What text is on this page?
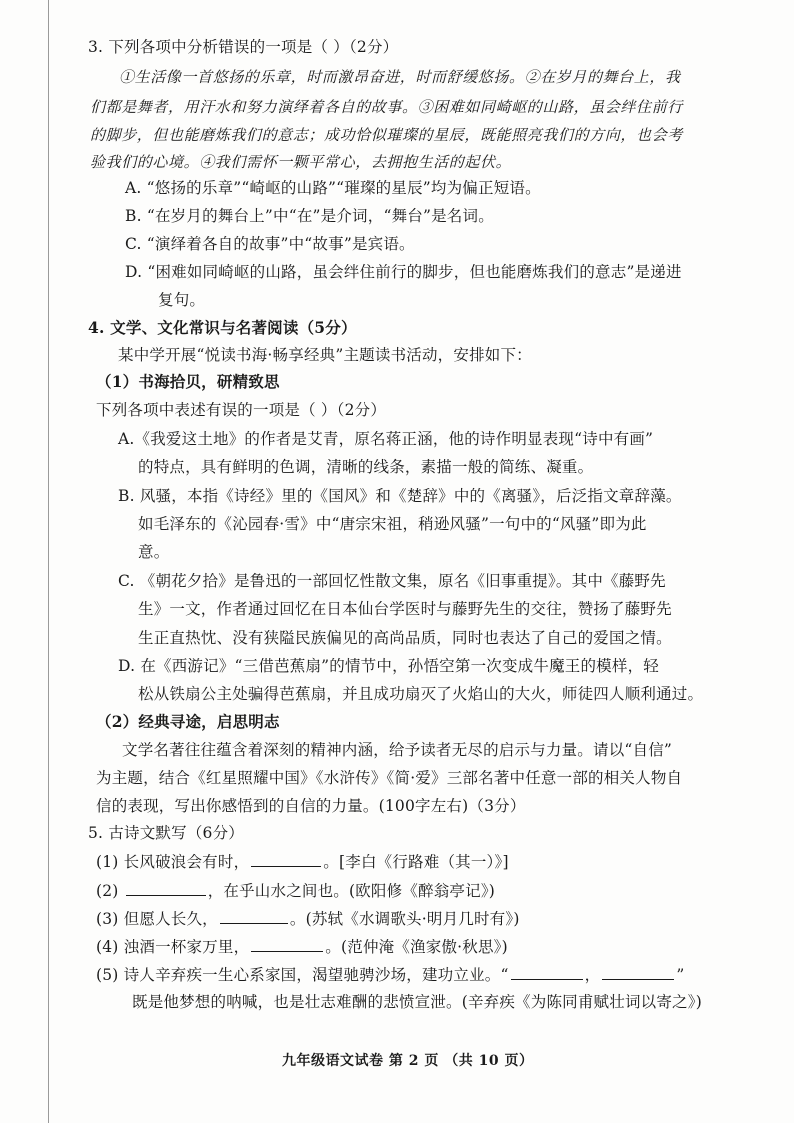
3. 下列各项中分析错误的一项是（ ）（2分）
①生活像一首悠扬的乐章，时而激昂奋进，时而舒缓悠扬。②在岁月的舞台上，我
们都是舞者，用汗水和努力演绎着各自的故事。③困难如同崎岖的山路，虽会绊住前行
的脚步，但也能磨炼我们的意志；成功恰似璀璨的星辰，既能照亮我们的方向，也会考
验我们的心境。④我们需怀一颗平常心，去拥抱生活的起伏。
A. “悠扬的乐章”“崎岖的山路”“璀璨的星辰”均为偏正短语。
B. “在岁月的舞台上”中“在”是介词，“舞台”是名词。
C. “演绎着各自的故事”中“故事”是宾语。
D. “困难如同崎岖的山路，虽会绊住前行的脚步，但也能磨炼我们的意志”是递进
复句。
4. 文学、文化常识与名著阅读（5分）
某中学开展“悦读书海·畅享经典”主题读书活动，安排如下：
（1）书海拾贝，研精致思
下列各项中表述有误的一项是（ ）（2分）
A.《我爱这土地》的作者是艾青，原名蒋正涵，他的诗作明显表现“诗中有画”
的特点，具有鲜明的色调，清晰的线条，素描一般的简练、凝重。
B. 风骚，本指《诗经》里的《国风》和《楚辞》中的《离骚》，后泛指文章辞藻。
如毛泽东的《沁园春·雪》中“唐宗宋祖，稍逊风骚”一句中的“风骚”即为此
意。
C. 《朝花夕拾》是鲁迅的一部回忆性散文集，原名《旧事重提》。其中《藤野先
生》一文，作者通过回忆在日本仙台学医时与藤野先生的交往，赞扬了藤野先
生正直热忱、没有狭隘民族偏见的高尚品质，同时也表达了自己的爱国之情。
D. 在《西游记》“三借芭蕉扇”的情节中，孙悟空第一次变成牛魔王的模样，轻
松从铁扇公主处骗得芭蕉扇，并且成功扇灭了火焰山的大火，师徒四人顺利通过。
（2）经典寻途，启思明志
文学名著往往蕴含着深刻的精神内涵，给予读者无尽的启示与力量。请以“自信”
为主题，结合《红星照耀中国》《水浒传》《简·爱》三部名著中任意一部的相关人物自
信的表现，写出你感悟到的自信的力量。(100字左右)（3分）
5. 古诗文默写（6分）
(1) 长风破浪会有时，	。[李白《行路难（其一）》]
(2)	，在乎山水之间也。(欧阳修《醉翁亭记》)
(3) 但愿人长久，	。(苏轼《水调歌头·明月几时有》)
(4) 浊酒一杯家万里，	。(范仲淹《渔家傲·秋思》)
(5) 诗人辛弃疾一生心系家国，渴望驰骋沙场，建功立业。“	，	”
既是他梦想的呐喊，也是壮志难酬的悲愤宣泄。(辛弃疾《为陈同甫赋壮词以寄之》)
九年级语文试卷 第 2 页 （共 10 页）
